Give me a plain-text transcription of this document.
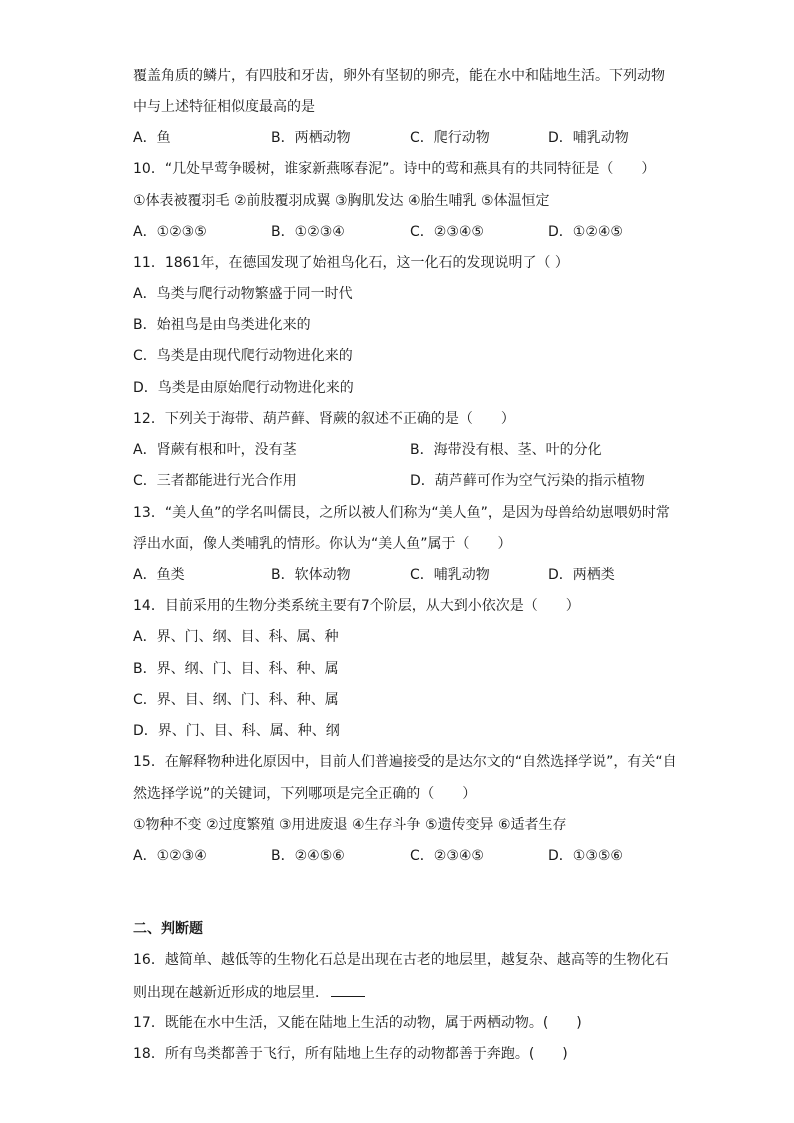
覆盖角质的鳞片，有四肢和牙齿，卵外有坚韧的卵壳，能在水中和陆地生活。下列动物
中与上述特征相似度最高的是
A．鱼	B．两栖动物	C．爬行动物	D．哺乳动物
10．“几处早莺争暖树，谁家新燕啄春泥”。诗中的莺和燕具有的共同特征是（　　）
①体表被覆羽毛 ②前肢覆羽成翼 ③胸肌发达 ④胎生哺乳 ⑤体温恒定
A．①②③⑤	B．①②③④	C．②③④⑤	D．①②④⑤
11．1861年，在德国发现了始祖鸟化石，这一化石的发现说明了（ ）
A．鸟类与爬行动物繁盛于同一时代
B．始祖鸟是由鸟类进化来的
C．鸟类是由现代爬行动物进化来的
D．鸟类是由原始爬行动物进化来的
12．下列关于海带、葫芦藓、肾蕨的叙述不正确的是（　　）
A．肾蕨有根和叶，没有茎	B．海带没有根、茎、叶的分化
C．三者都能进行光合作用	D．葫芦藓可作为空气污染的指示植物
13．“美人鱼”的学名叫儒艮，之所以被人们称为“美人鱼”，是因为母兽给幼崽喂奶时常
浮出水面，像人类哺乳的情形。你认为“美人鱼”属于（　　）
A．鱼类	B．软体动物	C．哺乳动物	D．两栖类
14．目前采用的生物分类系统主要有7个阶层，从大到小依次是（　　）
A．界、门、纲、目、科、属、种
B．界、纲、门、目、科、种、属
C．界、目、纲、门、科、种、属
D．界、门、目、科、属、种、纲
15．在解释物种进化原因中，目前人们普遍接受的是达尔文的“自然选择学说”，有关“自
然选择学说”的关键词，下列哪项是完全正确的（　　）
①物种不变 ②过度繁殖 ③用进废退 ④生存斗争 ⑤遗传变异 ⑥适者生存
A．①②③④	B．②④⑤⑥	C．②③④⑤	D．①③⑤⑥
二、判断题
16．越简单、越低等的生物化石总是出现在古老的地层里，越复杂、越高等的生物化石
则出现在越新近形成的地层里．
17．既能在水中生活，又能在陆地上生活的动物，属于两栖动物。(　　)
18．所有鸟类都善于飞行，所有陆地上生存的动物都善于奔跑。(　　)
